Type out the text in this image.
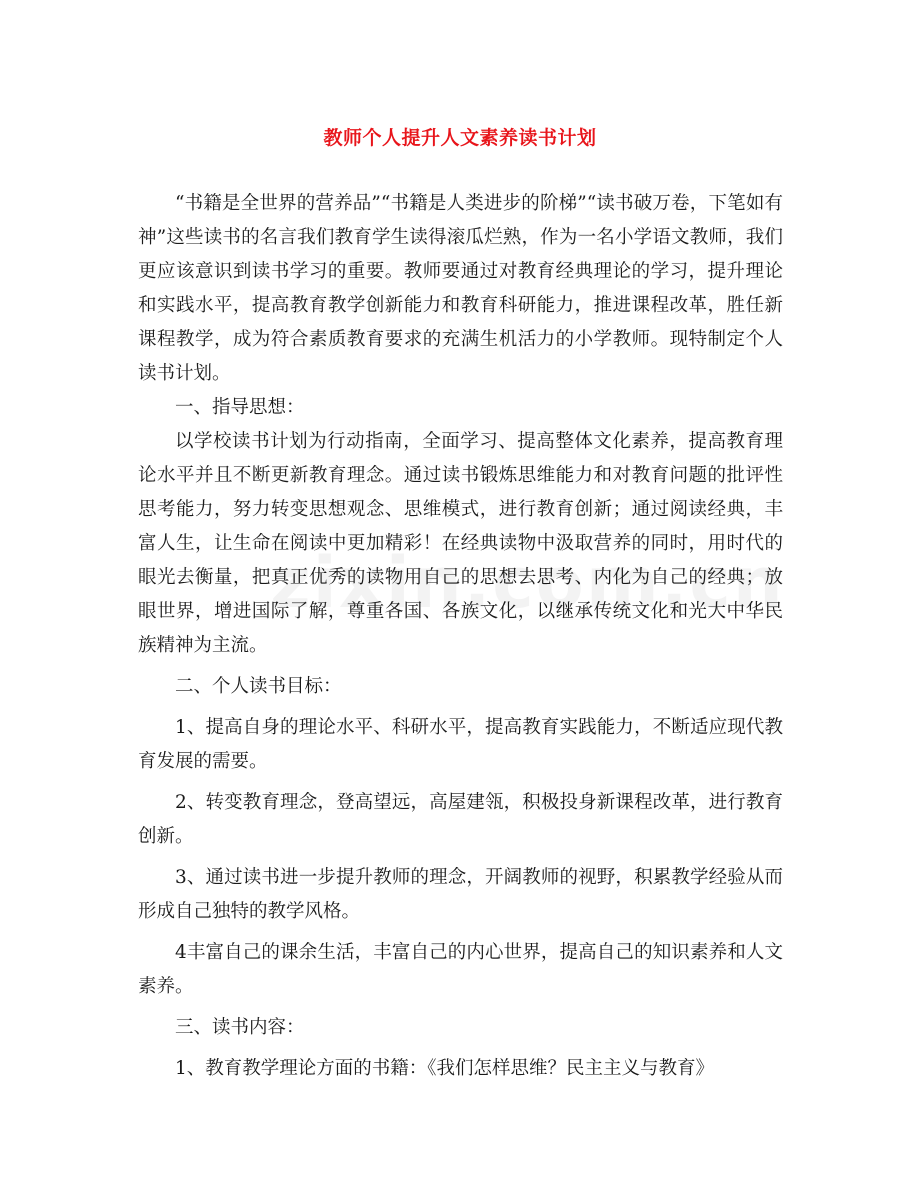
教师个人提升人文素养读书计划

“书籍是全世界的营养品”“书籍是人类进步的阶梯”“读书破万卷，下笔如有神”这些读书的名言我们教育学生读得滚瓜烂熟，作为一名小学语文教师，我们更应该意识到读书学习的重要。教师要通过对教育经典理论的学习，提升理论和实践水平，提高教育教学创新能力和教育科研能力，推进课程改革，胜任新课程教学，成为符合素质教育要求的充满生机活力的小学教师。现特制定个人读书计划。

一、指导思想：

以学校读书计划为行动指南，全面学习、提高整体文化素养，提高教育理论水平并且不断更新教育理念。通过读书锻炼思维能力和对教育问题的批评性思考能力，努力转变思想观念、思维模式，进行教育创新；通过阅读经典，丰富人生，让生命在阅读中更加精彩！在经典读物中汲取营养的同时，用时代的眼光去衡量，把真正优秀的读物用自己的思想去思考、内化为自己的经典；放眼世界，增进国际了解，尊重各国、各族文化，以继承传统文化和光大中华民族精神为主流。

二、个人读书目标：

1、提高自身的理论水平、科研水平，提高教育实践能力，不断适应现代教育发展的需要。

2、转变教育理念，登高望远，高屋建瓴，积极投身新课程改革，进行教育创新。

3、通过读书进一步提升教师的理念，开阔教师的视野，积累教学经验从而形成自己独特的教学风格。

4丰富自己的课余生活，丰富自己的内心世界，提高自己的知识素养和人文素养。

三、读书内容：

1、教育教学理论方面的书籍：《我们怎样思维？民主主义与教育》
